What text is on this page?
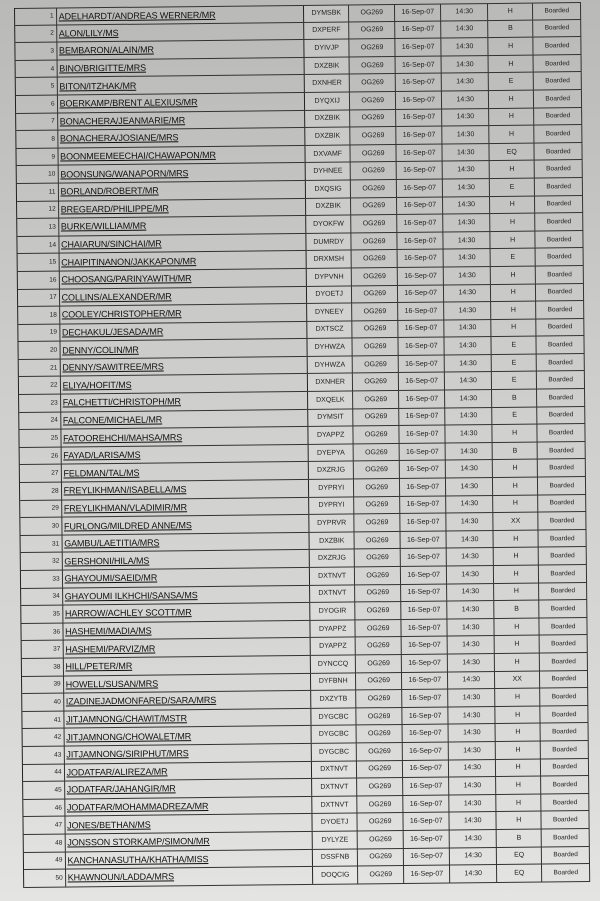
1 ADELHARDT/ANDREAS WERNER/MR	DYMSBK	OG269	16-Sep-07	14:30	H	Boarded
2 ALON/LILY/MS	DXPERF	OG269	16-Sep-07	14:30	B	Boarded
3 BEMBARON/ALAIN/MR	DYIVJP	OG269	16-Sep-07	14:30	H	Boarded
4 BINO/BRIGITTE/MRS	DXZBIK	OG269	16-Sep-07	14:30	H	Boarded
5 BITON/ITZHAK/MR	DXNHER	OG269	16-Sep-07	14:30	E	Boarded
6 BOERKAMP/BRENT ALEXIUS/MR	DYQXIJ	OG269	16-Sep-07	14:30	H	Boarded
7 BONACHERA/JEANMARIE/MR	DXZBIK	OG269	16-Sep-07	14:30	H	Boarded
8 BONACHERA/JOSIANE/MRS	DXZBIK	OG269	16-Sep-07	14:30	H	Boarded
9 BOONMEEMEECHAI/CHAWAPON/MR	DXVAMF	OG269	16-Sep-07	14:30	EQ	Boarded
10 BOONSUNG/WANAPORN/MRS	DYHNEE	OG269	16-Sep-07	14:30	H	Boarded
11 BORLAND/ROBERT/MR	DXQSIG	OG269	16-Sep-07	14:30	E	Boarded
12 BREGEARD/PHILIPPE/MR	DXZBIK	OG269	16-Sep-07	14:30	H	Boarded
13 BURKE/WILLIAM/MR	DYOKFW	OG269	16-Sep-07	14:30	H	Boarded
14 CHAIARUN/SINCHAI/MR	DUMRDY	OG269	16-Sep-07	14:30	H	Boarded
15 CHAIPITINANON/JAKKAPON/MR	DRXMSH	OG269	16-Sep-07	14:30	E	Boarded
16 CHOOSANG/PARINYAWITH/MR	DYPVNH	OG269	16-Sep-07	14:30	H	Boarded
17 COLLINS/ALEXANDER/MR	DYOETJ	OG269	16-Sep-07	14:30	H	Boarded
18 COOLEY/CHRISTOPHER/MR	DYNEEY	OG269	16-Sep-07	14:30	H	Boarded
19 DECHAKUL/JESADA/MR	DXTSCZ	OG269	16-Sep-07	14:30	H	Boarded
20 DENNY/COLIN/MR	DYHWZA	OG269	16-Sep-07	14:30	E	Boarded
21 DENNY/SAWITREE/MRS	DYHWZA	OG269	16-Sep-07	14:30	E	Boarded
22 ELIYA/HOFIT/MS	DXNHER	OG269	16-Sep-07	14:30	E	Boarded
23 FALCHETTI/CHRISTOPH/MR	DXQELK	OG269	16-Sep-07	14:30	B	Boarded
24 FALCONE/MICHAEL/MR	DYMSIT	OG269	16-Sep-07	14:30	E	Boarded
25 FATOOREHCHI/MAHSA/MRS	DYAPPZ	OG269	16-Sep-07	14:30	H	Boarded
26 FAYAD/LARISA/MS	DYEPYA	OG269	16-Sep-07	14:30	B	Boarded
27 FELDMAN/TAL/MS	DXZRJG	OG269	16-Sep-07	14:30	H	Boarded
28 FREYLIKHMAN/ISABELLA/MS	DYPRYI	OG269	16-Sep-07	14:30	H	Boarded
29 FREYLIKHMAN/VLADIMIR/MR	DYPRYI	OG269	16-Sep-07	14:30	H	Boarded
30 FURLONG/MILDRED ANNE/MS	DYPRVR	OG269	16-Sep-07	14:30	XX	Boarded
31 GAMBU/LAETITIA/MRS	DXZBIK	OG269	16-Sep-07	14:30	H	Boarded
32 GERSHONI/HILA/MS	DXZRJG	OG269	16-Sep-07	14:30	H	Boarded
33 GHAYOUMI/SAEID/MR	DXTNVT	OG269	16-Sep-07	14:30	H	Boarded
34 GHAYOUMI ILKHCHI/SANSA/MS	DXTNVT	OG269	16-Sep-07	14:30	H	Boarded
35 HARROW/ACHLEY SCOTT/MR	DYOGIR	OG269	16-Sep-07	14:30	B	Boarded
36 HASHEMI/MADIA/MS	DYAPPZ	OG269	16-Sep-07	14:30	H	Boarded
37 HASHEMI/PARVIZ/MR	DYAPPZ	OG269	16-Sep-07	14:30	H	Boarded
38 HILL/PETER/MR	DYNCCQ	OG269	16-Sep-07	14:30	H	Boarded
39 HOWELL/SUSAN/MRS	DYFBNH	OG269	16-Sep-07	14:30	XX	Boarded
40 IZADINEJADMONFARED/SARA/MRS	DXZYTB	OG269	16-Sep-07	14:30	H	Boarded
41 JITJAMNONG/CHAWIT/MSTR	DYGCBC	OG269	16-Sep-07	14:30	H	Boarded
42 JITJAMNONG/CHOWALET/MR	DYGCBC	OG269	16-Sep-07	14:30	H	Boarded
43 JITJAMNONG/SIRIPHUT/MRS	DYGCBC	OG269	16-Sep-07	14:30	H	Boarded
44 JODATFAR/ALIREZA/MR	DXTNVT	OG269	16-Sep-07	14:30	H	Boarded
45 JODATFAR/JAHANGIR/MR	DXTNVT	OG269	16-Sep-07	14:30	H	Boarded
46 JODATFAR/MOHAMMADREZA/MR	DXTNVT	OG269	16-Sep-07	14:30	H	Boarded
47 JONES/BETHAN/MS	DYOETJ	OG269	16-Sep-07	14:30	H	Boarded
48 JONSSON STORKAMP/SIMON/MR	DYLYZE	OG269	16-Sep-07	14:30	B	Boarded
49 KANCHANASUTHA/KHATHA/MISS	DSSFNB	OG269	16-Sep-07	14:30	EQ	Boarded
50 KHAWNOUN/LADDA/MRS	DOQCIG	OG269	16-Sep-07	14:30	EQ	Boarded
